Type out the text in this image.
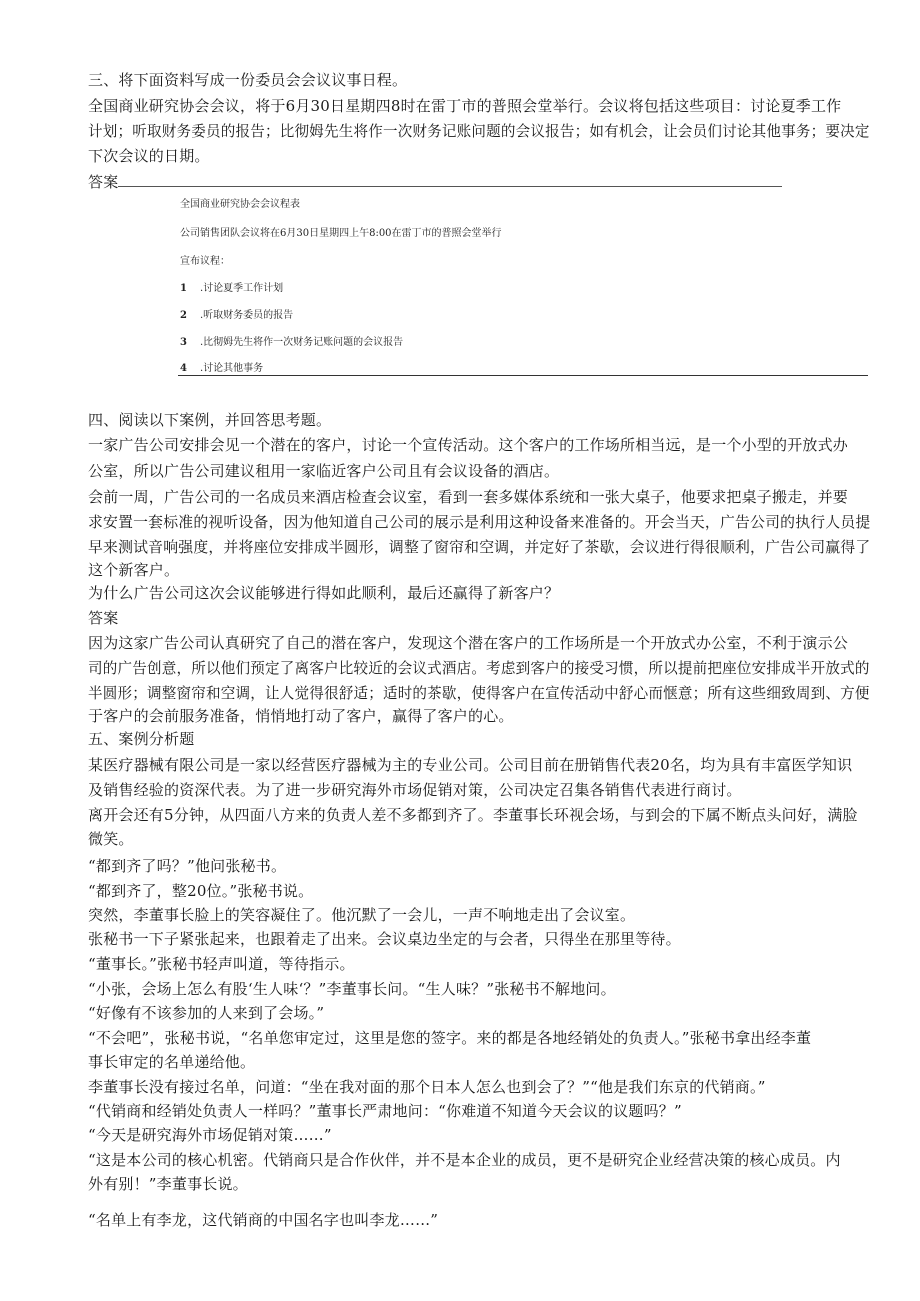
三、将下面资料写成一份委员会会议议事日程。
全国商业研究协会会议，将于6月30日星期四8时在雷丁市的普照会堂举行。会议将包括这些项目：讨论夏季工作
计划；听取财务委员的报告；比彻姆先生将作一次财务记账问题的会议报告；如有机会，让会员们讨论其他事务；要决定
下次会议的日期。
答案
全国商业研究协会会议程表
公司销售团队会议将在6月30日星期四上午8:00在雷丁市的普照会堂举行
宣布议程：
1 .讨论夏季工作计划
2 .听取财务委员的报告
3 .比彻姆先生将作一次财务记账问题的会议报告
4 .讨论其他事务
四、阅读以下案例，并回答思考题。
一家广告公司安排会见一个潜在的客户，讨论一个宣传活动。这个客户的工作场所相当远，是一个小型的开放式办
公室，所以广告公司建议租用一家临近客户公司且有会议设备的酒店。
会前一周，广告公司的一名成员来酒店检查会议室，看到一套多媒体系统和一张大桌子，他要求把桌子搬走，并要
求安置一套标准的视听设备，因为他知道自己公司的展示是利用这种设备来准备的。开会当天，广告公司的执行人员提
早来测试音响强度，并将座位安排成半圆形，调整了窗帘和空调，并定好了茶歇，会议进行得很顺利，广告公司赢得了
这个新客户。
为什么广告公司这次会议能够进行得如此顺利，最后还赢得了新客户？
答案
因为这家广告公司认真研究了自己的潜在客户，发现这个潜在客户的工作场所是一个开放式办公室，不利于演示公
司的广告创意，所以他们预定了离客户比较近的会议式酒店。考虑到客户的接受习惯，所以提前把座位安排成半开放式的
半圆形；调整窗帘和空调，让人觉得很舒适；适时的茶歇，使得客户在宣传活动中舒心而惬意；所有这些细致周到、方便
于客户的会前服务准备，悄悄地打动了客户，赢得了客户的心。
五、案例分析题
某医疗器械有限公司是一家以经营医疗器械为主的专业公司。公司目前在册销售代表20名，均为具有丰富医学知识
及销售经验的资深代表。为了进一步研究海外市场促销对策，公司决定召集各销售代表进行商讨。
离开会还有5分钟，从四面八方来的负责人差不多都到齐了。李董事长环视会场，与到会的下属不断点头问好，满脸
微笑。
“都到齐了吗？”他问张秘书。
“都到齐了，整20位。”张秘书说。
突然，李董事长脸上的笑容凝住了。他沉默了一会儿，一声不响地走出了会议室。
张秘书一下子紧张起来，也跟着走了出来。会议桌边坐定的与会者，只得坐在那里等待。
“董事长。”张秘书轻声叫道，等待指示。
“小张，会场上怎么有股‘生人味‘？”李董事长问。“生人味？”张秘书不解地问。
“好像有不该参加的人来到了会场。”
“不会吧”，张秘书说，“名单您审定过，这里是您的签字。来的都是各地经销处的负责人。”张秘书拿出经李董
事长审定的名单递给他。
李董事长没有接过名单，问道：“坐在我对面的那个日本人怎么也到会了？”“他是我们东京的代销商。”
“代销商和经销处负责人一样吗？”董事长严肃地问：“你难道不知道今天会议的议题吗？”
“今天是研究海外市场促销对策……”
“这是本公司的核心机密。代销商只是合作伙伴，并不是本企业的成员，更不是研究企业经营决策的核心成员。内
外有别！”李董事长说。
“名单上有李龙，这代销商的中国名字也叫李龙……”
